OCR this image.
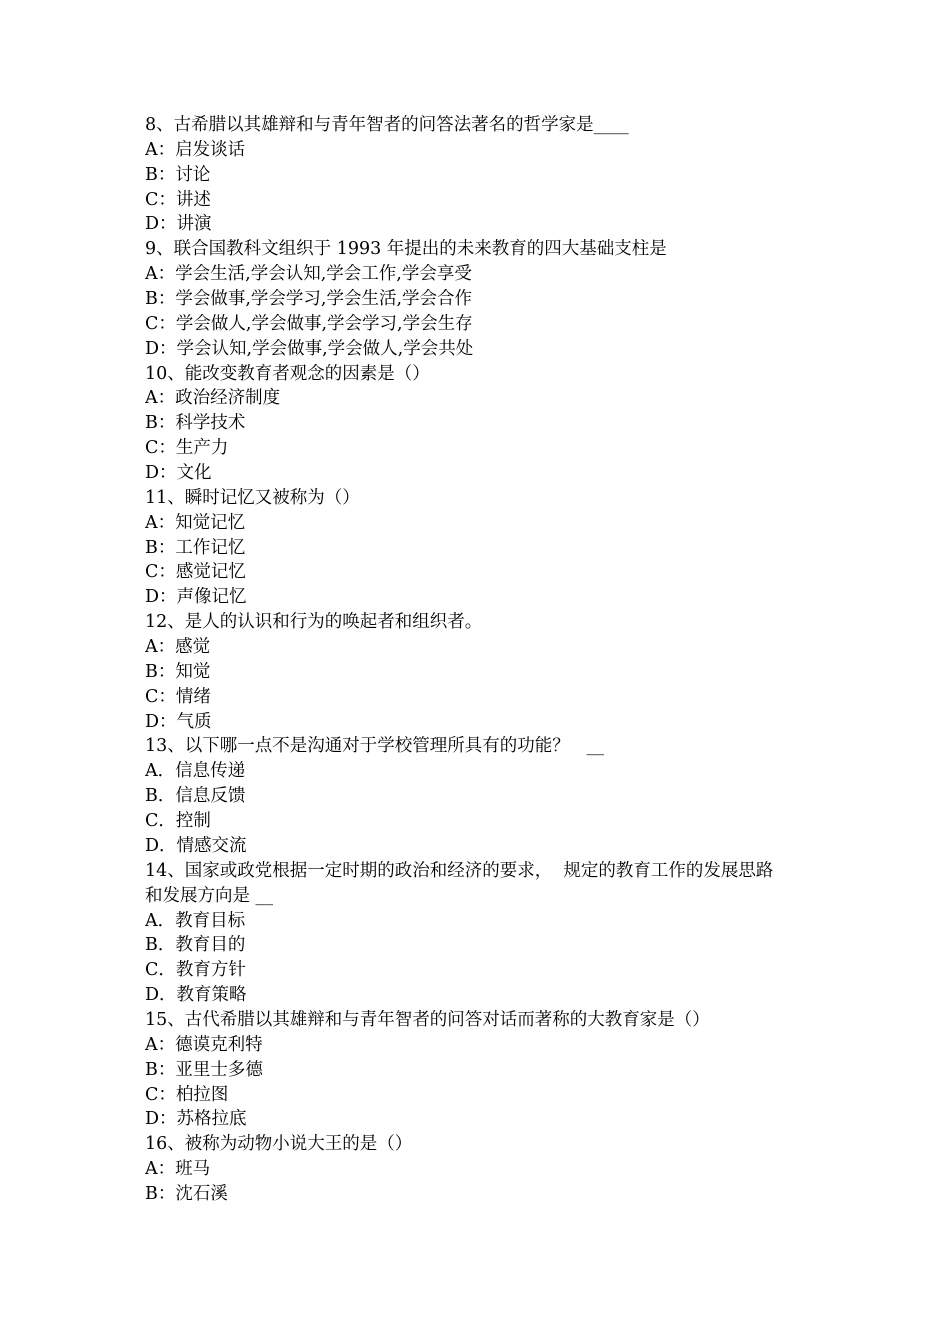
8、古希腊以其雄辩和与青年智者的问答法著名的哲学家是____
A：启发谈话
B：讨论
C：讲述
D：讲演
9、联合国教科文组织于 1993 年提出的未来教育的四大基础支柱是
A：学会生活,学会认知,学会工作,学会享受
B：学会做事,学会学习,学会生活,学会合作
C：学会做人,学会做事,学会学习,学会生存
D：学会认知,学会做事,学会做人,学会共处
10、能改变教育者观念的因素是（）
A：政治经济制度
B：科学技术
C：生产力
D：文化
11、瞬时记忆又被称为（）
A：知觉记忆
B：工作记忆
C：感觉记忆
D：声像记忆
12、是人的认识和行为的唤起者和组织者。
A：感觉
B：知觉
C：情绪
D：气质
13、以下哪一点不是沟通对于学校管理所具有的功能？   __
A．信息传递
B．信息反馈
C．控制
D．情感交流
14、国家或政党根据一定时期的政治和经济的要求，  规定的教育工作的发展思路
和发展方向是 __
A．教育目标
B．教育目的
C．教育方针
D．教育策略
15、古代希腊以其雄辩和与青年智者的问答对话而著称的大教育家是（）
A：德谟克利特
B：亚里士多德
C：柏拉图
D：苏格拉底
16、被称为动物小说大王的是（）
A：班马
B：沈石溪
